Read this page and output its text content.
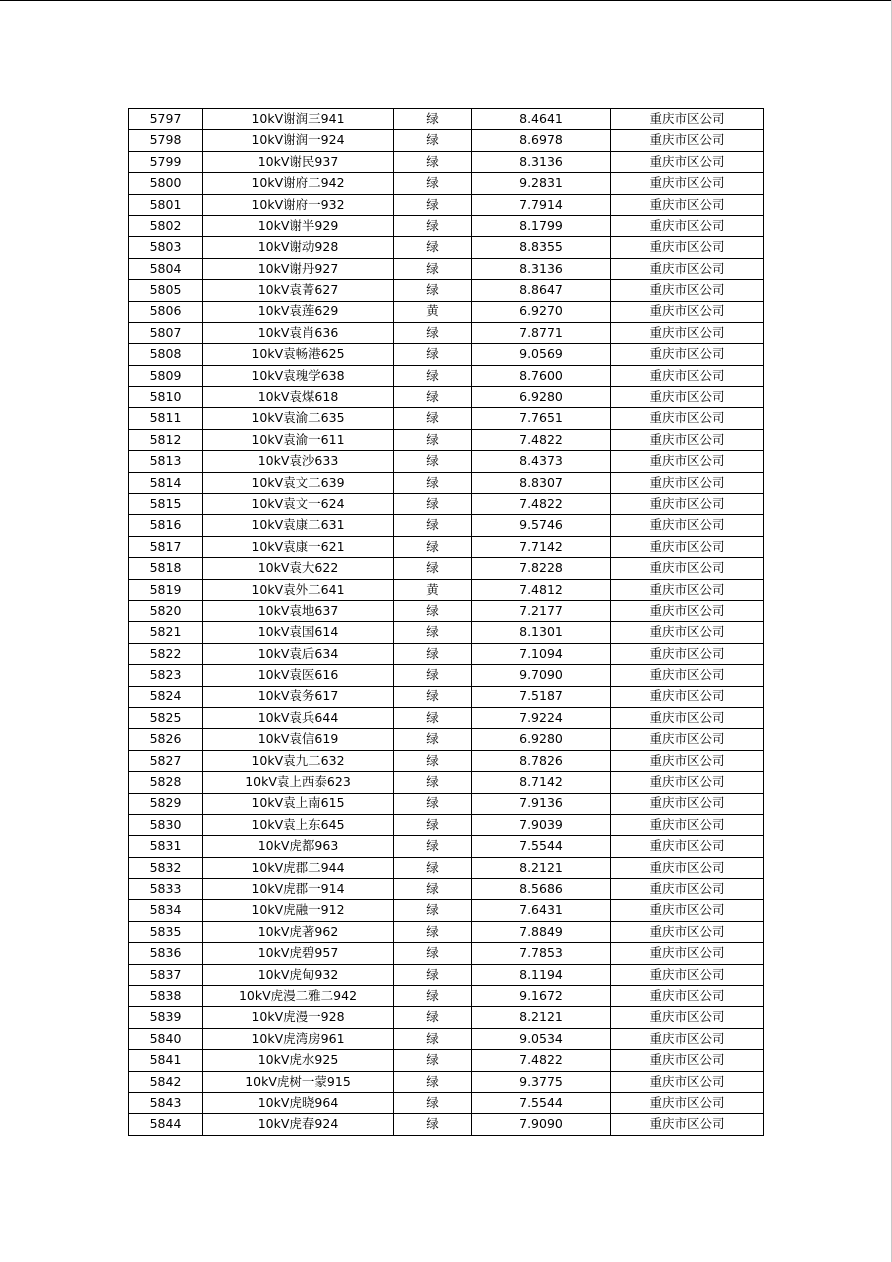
5797	10kV谢润三941	绿	8.4641	重庆市区公司
5798	10kV谢润一924	绿	8.6978	重庆市区公司
5799	10kV谢民937	绿	8.3136	重庆市区公司
5800	10kV谢府二942	绿	9.2831	重庆市区公司
5801	10kV谢府一932	绿	7.7914	重庆市区公司
5802	10kV谢半929	绿	8.1799	重庆市区公司
5803	10kV谢动928	绿	8.8355	重庆市区公司
5804	10kV谢丹927	绿	8.3136	重庆市区公司
5805	10kV袁菁627	绿	8.8647	重庆市区公司
5806	10kV袁莲629	黄	6.9270	重庆市区公司
5807	10kV袁肖636	绿	7.8771	重庆市区公司
5808	10kV袁畅港625	绿	9.0569	重庆市区公司
5809	10kV袁瑰学638	绿	8.7600	重庆市区公司
5810	10kV袁煤618	绿	6.9280	重庆市区公司
5811	10kV袁渝二635	绿	7.7651	重庆市区公司
5812	10kV袁渝一611	绿	7.4822	重庆市区公司
5813	10kV袁沙633	绿	8.4373	重庆市区公司
5814	10kV袁文二639	绿	8.8307	重庆市区公司
5815	10kV袁文一624	绿	7.4822	重庆市区公司
5816	10kV袁康二631	绿	9.5746	重庆市区公司
5817	10kV袁康一621	绿	7.7142	重庆市区公司
5818	10kV袁大622	绿	7.8228	重庆市区公司
5819	10kV袁外二641	黄	7.4812	重庆市区公司
5820	10kV袁地637	绿	7.2177	重庆市区公司
5821	10kV袁国614	绿	8.1301	重庆市区公司
5822	10kV袁后634	绿	7.1094	重庆市区公司
5823	10kV袁医616	绿	9.7090	重庆市区公司
5824	10kV袁务617	绿	7.5187	重庆市区公司
5825	10kV袁兵644	绿	7.9224	重庆市区公司
5826	10kV袁信619	绿	6.9280	重庆市区公司
5827	10kV袁九二632	绿	8.7826	重庆市区公司
5828	10kV袁上西泰623	绿	8.7142	重庆市区公司
5829	10kV袁上南615	绿	7.9136	重庆市区公司
5830	10kV袁上东645	绿	7.9039	重庆市区公司
5831	10kV虎都963	绿	7.5544	重庆市区公司
5832	10kV虎郡二944	绿	8.2121	重庆市区公司
5833	10kV虎郡一914	绿	8.5686	重庆市区公司
5834	10kV虎融一912	绿	7.6431	重庆市区公司
5835	10kV虎著962	绿	7.8849	重庆市区公司
5836	10kV虎碧957	绿	7.7853	重庆市区公司
5837	10kV虎甸932	绿	8.1194	重庆市区公司
5838	10kV虎漫二雅二942	绿	9.1672	重庆市区公司
5839	10kV虎漫一928	绿	8.2121	重庆市区公司
5840	10kV虎湾房961	绿	9.0534	重庆市区公司
5841	10kV虎水925	绿	7.4822	重庆市区公司
5842	10kV虎树一蒙915	绿	9.3775	重庆市区公司
5843	10kV虎晓964	绿	7.5544	重庆市区公司
5844	10kV虎春924	绿	7.9090	重庆市区公司
